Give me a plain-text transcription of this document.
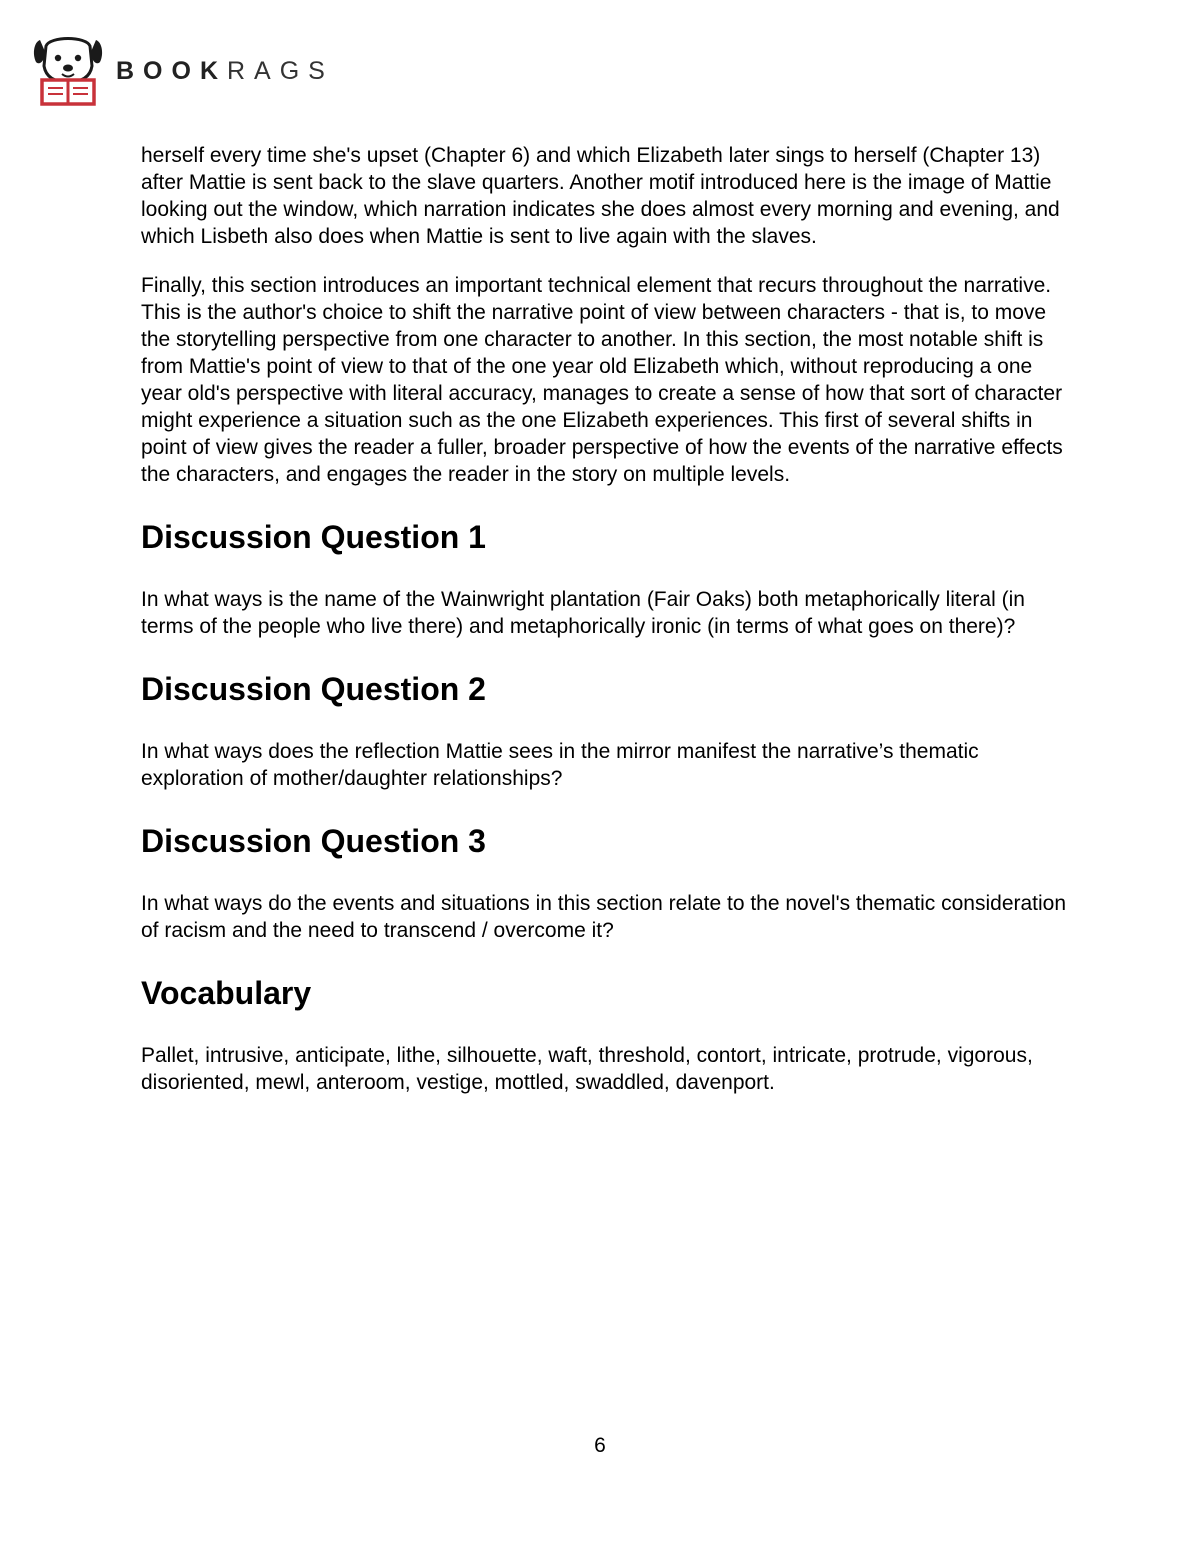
BOOKRAGS

herself every time she's upset (Chapter 6) and which Elizabeth later sings to herself (Chapter 13) after Mattie is sent back to the slave quarters. Another motif introduced here is the image of Mattie looking out the window, which narration indicates she does almost every morning and evening, and which Lisbeth also does when Mattie is sent to live again with the slaves.

Finally, this section introduces an important technical element that recurs throughout the narrative. This is the author's choice to shift the narrative point of view between characters - that is, to move the storytelling perspective from one character to another. In this section, the most notable shift is from Mattie's point of view to that of the one year old Elizabeth which, without reproducing a one year old's perspective with literal accuracy, manages to create a sense of how that sort of character might experience a situation such as the one Elizabeth experiences. This first of several shifts in point of view gives the reader a fuller, broader perspective of how the events of the narrative effects the characters, and engages the reader in the story on multiple levels.

Discussion Question 1

In what ways is the name of the Wainwright plantation (Fair Oaks) both metaphorically literal (in terms of the people who live there) and metaphorically ironic (in terms of what goes on there)?

Discussion Question 2

In what ways does the reflection Mattie sees in the mirror manifest the narrative’s thematic exploration of mother/daughter relationships?

Discussion Question 3

In what ways do the events and situations in this section relate to the novel's thematic consideration of racism and the need to transcend / overcome it?

Vocabulary

Pallet, intrusive, anticipate, lithe, silhouette, waft, threshold, contort, intricate, protrude, vigorous, disoriented, mewl, anteroom, vestige, mottled, swaddled, davenport.

6
